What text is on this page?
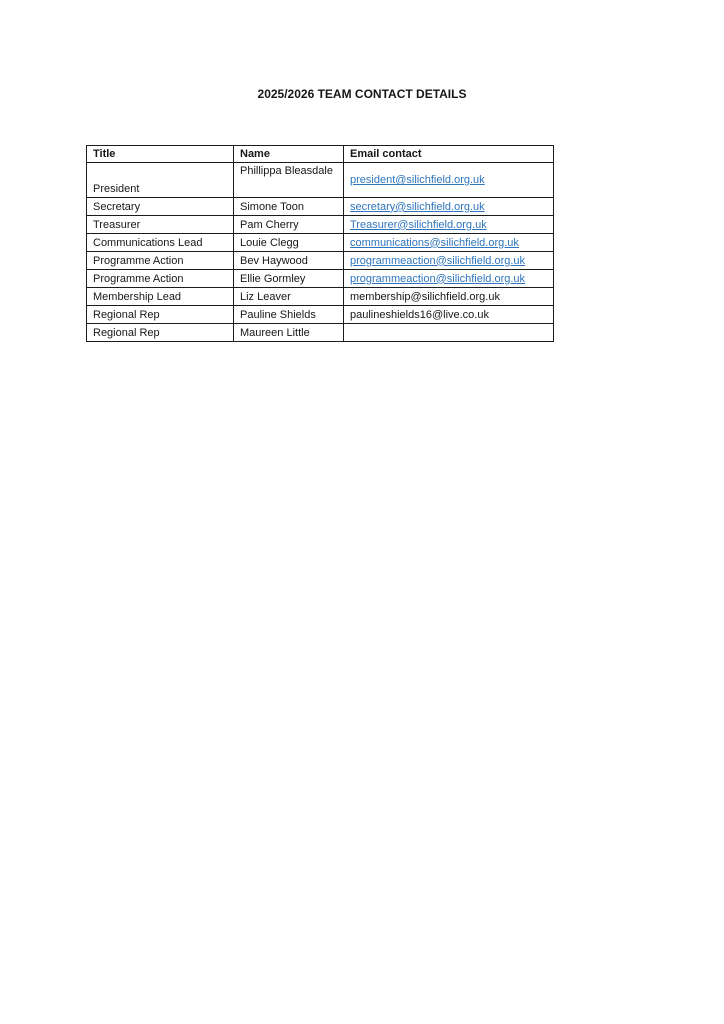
2025/2026 TEAM CONTACT DETAILS
Title	Name	Email contact
President	Phillippa Bleasdale	president@silichfield.org.uk
Secretary	Simone Toon	secretary@silichfield.org.uk
Treasurer	Pam Cherry	Treasurer@silichfield.org.uk
Communications Lead	Louie Clegg	communications@silichfield.org.uk
Programme Action	Bev Haywood	programmeaction@silichfield.org.uk
Programme Action	Ellie Gormley	programmeaction@silichfield.org.uk
Membership Lead	Liz Leaver	membership@silichfield.org.uk
Regional Rep	Pauline Shields	paulineshields16@live.co.uk
Regional Rep	Maureen Little	
